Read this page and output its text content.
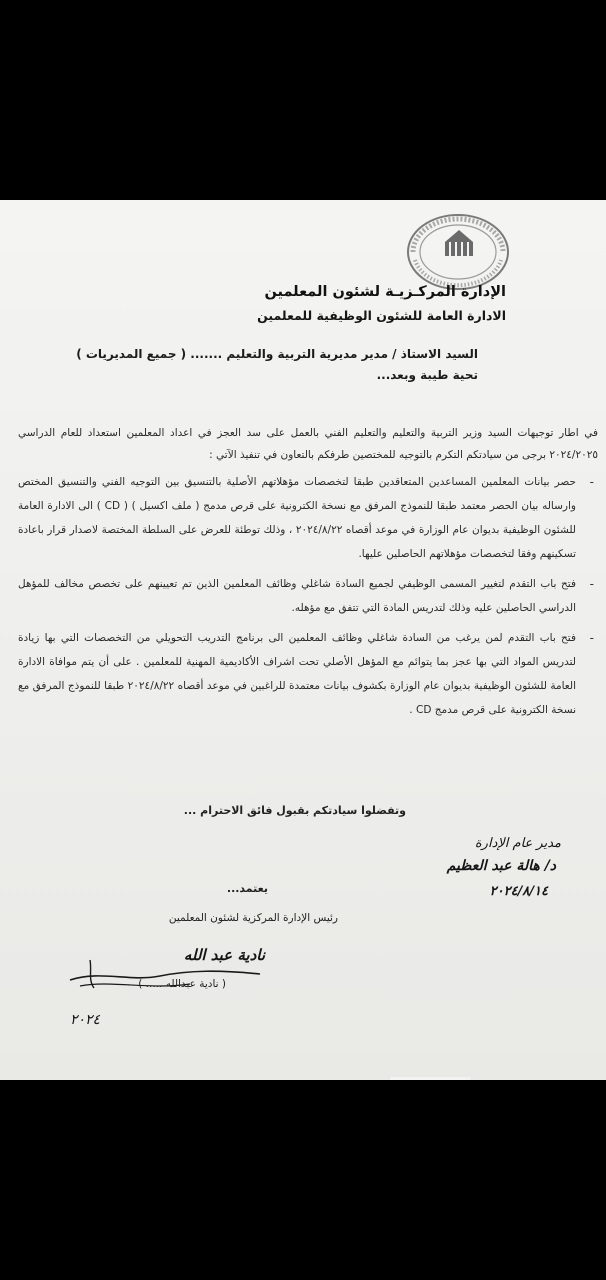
الإدارة المركـزيـة لشئون المعلمين
الادارة العامة للشئون الوظيفية للمعلمين
السيد الاستاذ / مدير مديرية التربية والتعليم ....... ( جميع المديريات )
تحية طيبة وبعد...
في اطار توجيهات السيد وزير التربية والتعليم والتعليم الفني بالعمل على سد العجز في اعداد المعلمين استعداد للعام الدراسي ٢٠٢٤/٢٠٢٥ برجى من سيادتكم التكرم بالتوجيه للمختصين طرفكم بالتعاون في تنفيذ الآتي :
-
حصر بيانات المعلمين المساعدين المتعاقدين طبقا لتخصصات مؤهلاتهم الأصلية بالتنسيق بين التوجيه الفني والتنسيق المختص وارساله بيان الحصر معتمد طبقا للنموذج المرفق مع نسخة الكترونية على قرص مدمج ( ملف اكسيل ) ( CD ) الى الادارة العامة للشئون الوظيفية بديوان عام الوزارة في موعد أقصاه ٢٠٢٤/٨/٢٢ ، وذلك توطئة للعرض على السلطة المختصة لاصدار قرار باعادة تسكينهم وفقا لتخصصات مؤهلاتهم الحاصلين عليها.
-
فتح باب التقدم لتغيير المسمى الوظيفي لجميع السادة شاغلي وظائف المعلمين الذين تم تعيينهم على تخصص مخالف للمؤهل الدراسي الحاصلين عليه وذلك لتدريس المادة التي تتفق مع مؤهله.
-
فتح باب التقدم لمن يرغب من السادة شاغلي وظائف المعلمين الى برنامج التدريب التحويلي من التخصصات التي بها زيادة لتدريس المواد التي بها عجز بما يتوائم مع المؤهل الأصلي تحت اشراف الأكاديمية المهنية للمعلمين . على أن يتم موافاة الادارة العامة للشئون الوظيفية بديوان عام الوزارة بكشوف بيانات معتمدة للراغبين في موعد أقصاه ٢٠٢٤/٨/٢٢ طبقا للنموذج المرفق مع نسخة الكترونية على قرص مدمج CD .
وتفضلوا سيادتكم بقبول فائق الاحترام ...
مدير عام الإدارة
د/ هالة عبد العظيم
٢٠٢٤/٨/١٤
يعتمد...
رئيس الإدارة المركزية لشئون المعلمين
نادية عبد الله
( نادية عبدالله ..... )
٢٠٢٤
